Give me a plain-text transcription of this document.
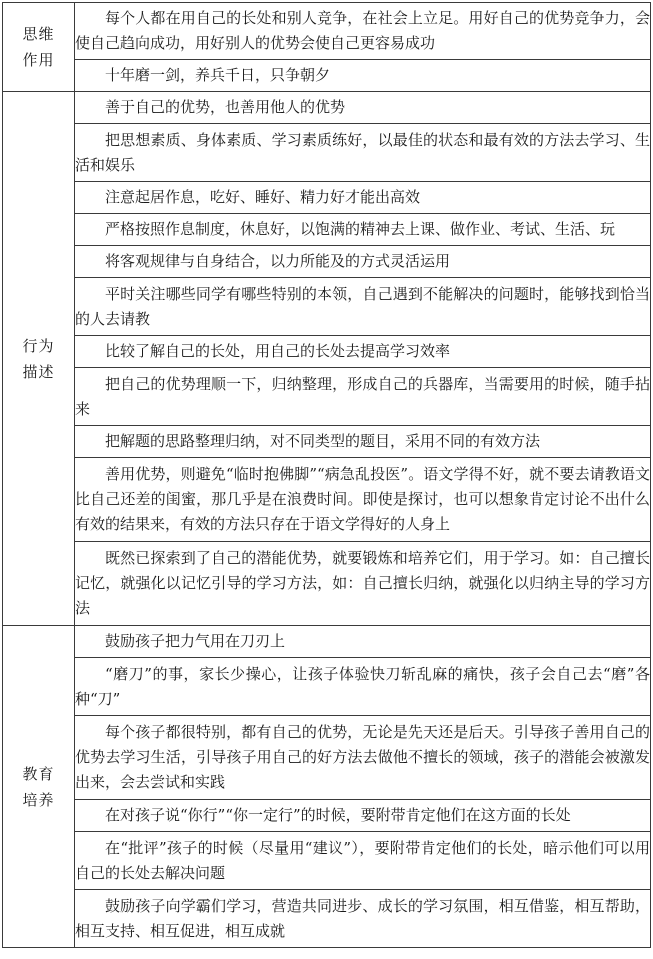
思维作用	每个人都在用自己的长处和别人竞争，在社会上立足。用好自己的优势竞争力，会使自己趋向成功，用好别人的优势会使自己更容易成功
	十年磨一剑，养兵千日，只争朝夕
行为描述	善于自己的优势，也善用他人的优势
	把思想素质、身体素质、学习素质练好，以最佳的状态和最有效的方法去学习、生活和娱乐
	注意起居作息，吃好、睡好、精力好才能出高效
	严格按照作息制度，休息好，以饱满的精神去上课、做作业、考试、生活、玩
	将客观规律与自身结合，以力所能及的方式灵活运用
	平时关注哪些同学有哪些特别的本领，自己遇到不能解决的问题时，能够找到恰当的人去请教
	比较了解自己的长处，用自己的长处去提高学习效率
	把自己的优势理顺一下，归纳整理，形成自己的兵器库，当需要用的时候，随手拈来
	把解题的思路整理归纳，对不同类型的题目，采用不同的有效方法
	善用优势，则避免“临时抱佛脚”“病急乱投医”。语文学得不好，就不要去请教语文比自己还差的闺蜜，那几乎是在浪费时间。即使是探讨，也可以想象肯定讨论不出什么有效的结果来，有效的方法只存在于语文学得好的人身上
	既然已探索到了自己的潜能优势，就要锻炼和培养它们，用于学习。如：自己擅长记忆，就强化以记忆引导的学习方法，如：自己擅长归纳，就强化以归纳主导的学习方法
教育培养	鼓励孩子把力气用在刀刃上
	“磨刀”的事，家长少操心，让孩子体验快刀斩乱麻的痛快，孩子会自己去“磨”各种“刀”
	每个孩子都很特别，都有自己的优势，无论是先天还是后天。引导孩子善用自己的优势去学习生活，引导孩子用自己的好方法去做他不擅长的领域，孩子的潜能会被激发出来，会去尝试和实践
	在对孩子说“你行”“你一定行”的时候，要附带肯定他们在这方面的长处
	在“批评”孩子的时候（尽量用“建议”），要附带肯定他们的长处，暗示他们可以用自己的长处去解决问题
	鼓励孩子向学霸们学习，营造共同进步、成长的学习氛围，相互借鉴，相互帮助，相互支持、相互促进，相互成就
